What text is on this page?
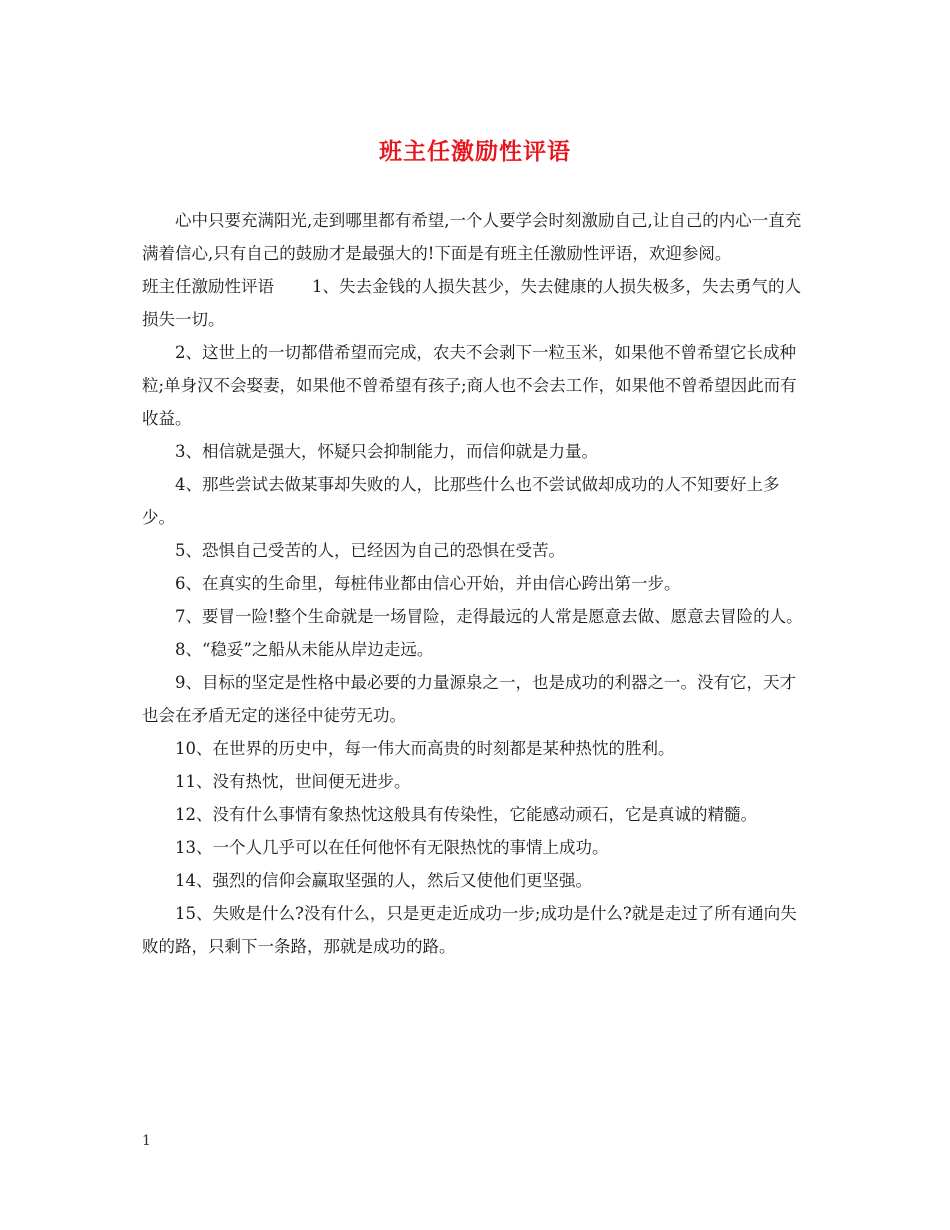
班主任激励性评语

心中只要充满阳光,走到哪里都有希望,一个人要学会时刻激励自己,让自己的内心一直充满着信心,只有自己的鼓励才是最强大的!下面是有班主任激励性评语，欢迎参阅。

班主任激励性评语 1、失去金钱的人损失甚少，失去健康的人损失极多，失去勇气的人损失一切。

2、这世上的一切都借希望而完成，农夫不会剥下一粒玉米，如果他不曾希望它长成种粒;单身汉不会娶妻，如果他不曾希望有孩子;商人也不会去工作，如果他不曾希望因此而有收益。

3、相信就是强大，怀疑只会抑制能力，而信仰就是力量。

4、那些尝试去做某事却失败的人，比那些什么也不尝试做却成功的人不知要好上多少。

5、恐惧自己受苦的人，已经因为自己的恐惧在受苦。

6、在真实的生命里，每桩伟业都由信心开始，并由信心跨出第一步。

7、要冒一险!整个生命就是一场冒险，走得最远的人常是愿意去做、愿意去冒险的人。

8、“稳妥”之船从未能从岸边走远。

9、目标的坚定是性格中最必要的力量源泉之一，也是成功的利器之一。没有它，天才也会在矛盾无定的迷径中徒劳无功。

10、在世界的历史中，每一伟大而高贵的时刻都是某种热忱的胜利。

11、没有热忱，世间便无进步。

12、没有什么事情有象热忱这般具有传染性，它能感动顽石，它是真诚的精髓。

13、一个人几乎可以在任何他怀有无限热忱的事情上成功。

14、强烈的信仰会赢取坚强的人，然后又使他们更坚强。

15、失败是什么?没有什么，只是更走近成功一步;成功是什么?就是走过了所有通向失败的路，只剩下一条路，那就是成功的路。

1
